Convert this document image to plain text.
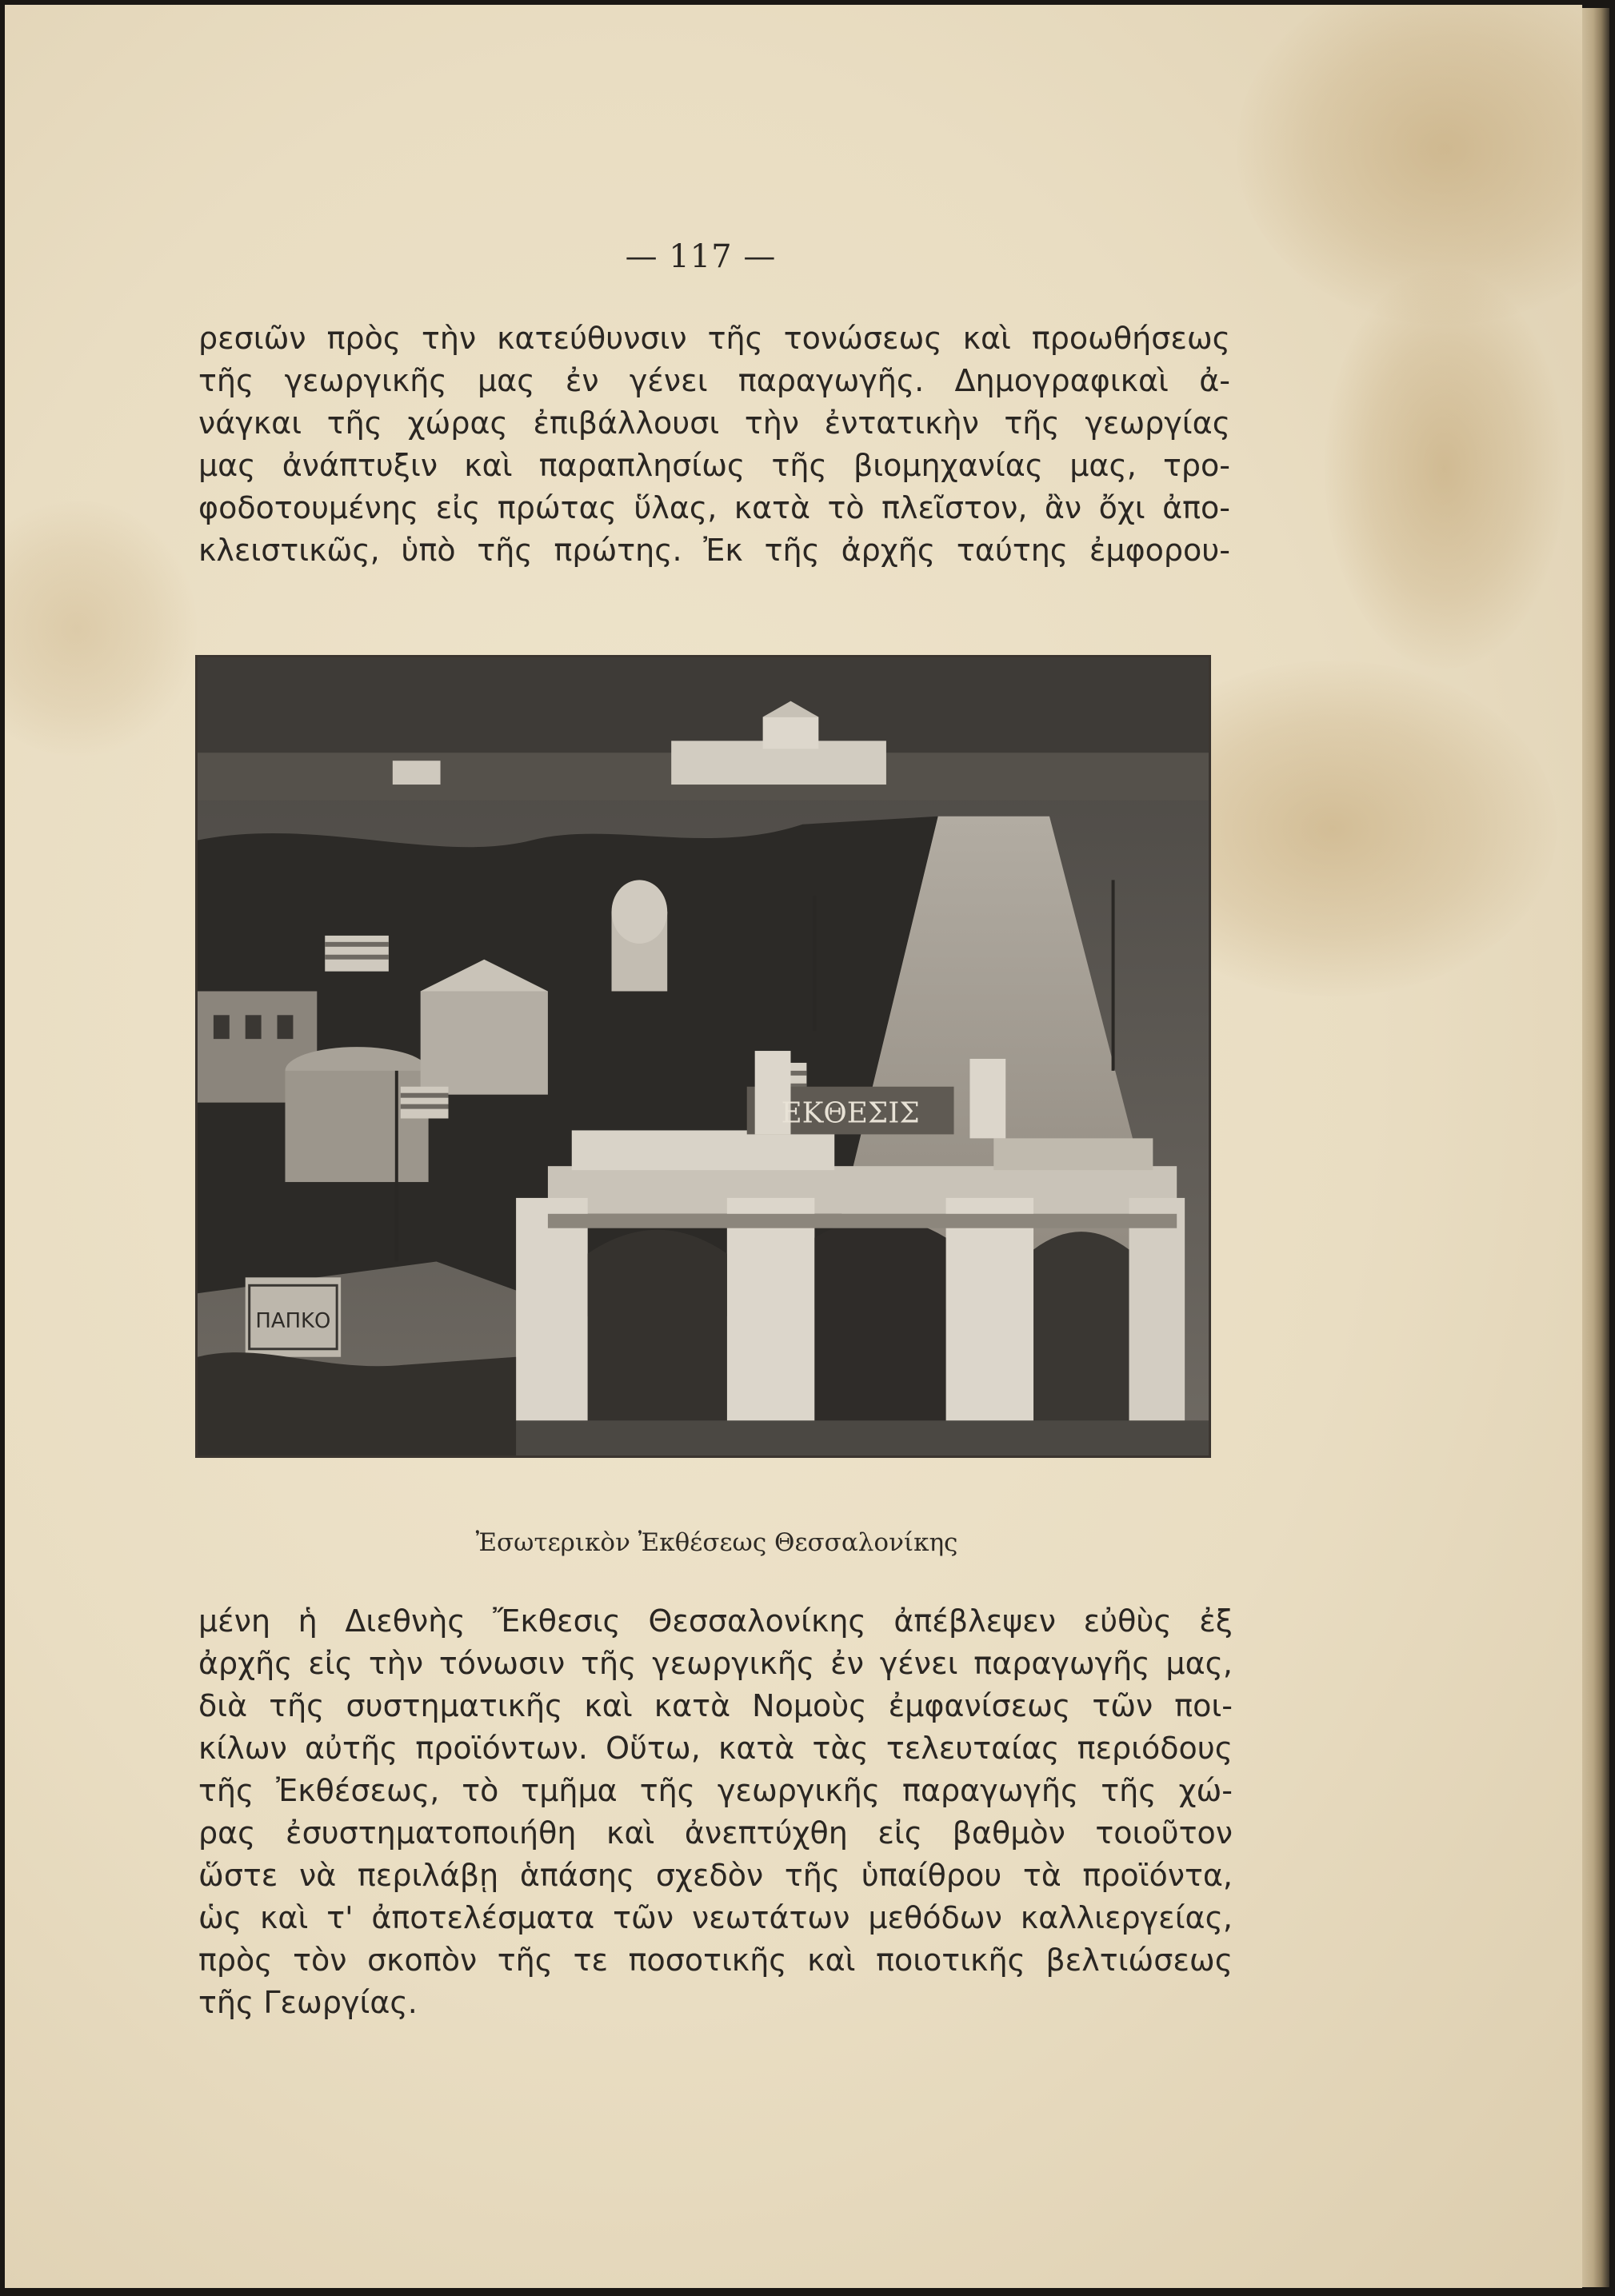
— 117 —
ρεσιῶν πρὸς τὴν κατεύθυνσιν τῆς τονώσεως καὶ προωθήσεως
τῆς γεωργικῆς μας ἐν γένει παραγωγῆς. Δημογραφικαὶ ἀ-
νάγκαι τῆς χώρας ἐπιβάλλουσι τὴν ἐντατικὴν τῆς γεωργίας
μας ἀνάπτυξιν καὶ παραπλησίως τῆς βιομηχανίας μας, τρο-
φοδοτουμένης εἰς πρώτας ὕλας, κατὰ τὸ πλεῖστον, ἂν ὄχι ἀπο-
κλειστικῶς, ὑπὸ τῆς πρώτης. Ἐκ τῆς ἀρχῆς ταύτης ἐμφορου-
ΕΚΘΕΣΙΣ
ΠΑΠΚΟ
Ἐσωτερικὸν Ἐκθέσεως Θεσσαλονίκης
μένη ἡ Διεθνὴς Ἔκθεσις Θεσσαλονίκης ἀπέβλεψεν εὐθὺς ἐξ
ἀρχῆς εἰς τὴν τόνωσιν τῆς γεωργικῆς ἐν γένει παραγωγῆς μας,
διὰ τῆς συστηματικῆς καὶ κατὰ Νομοὺς ἐμφανίσεως τῶν ποι-
κίλων αὐτῆς προϊόντων. Οὕτω, κατὰ τὰς τελευταίας περιόδους
τῆς Ἐκθέσεως, τὸ τμῆμα τῆς γεωργικῆς παραγωγῆς τῆς χώ-
ρας ἐσυστηματοποιήθη καὶ ἀνεπτύχθη εἰς βαθμὸν τοιοῦτον
ὥστε νὰ περιλάβῃ ἁπάσης σχεδὸν τῆς ὑπαίθρου τὰ προϊόντα,
ὡς καὶ τ' ἀποτελέσματα τῶν νεωτάτων μεθόδων καλλιεργείας,
πρὸς τὸν σκοπὸν τῆς τε ποσοτικῆς καὶ ποιοτικῆς βελτιώσεως
τῆς Γεωργίας.
